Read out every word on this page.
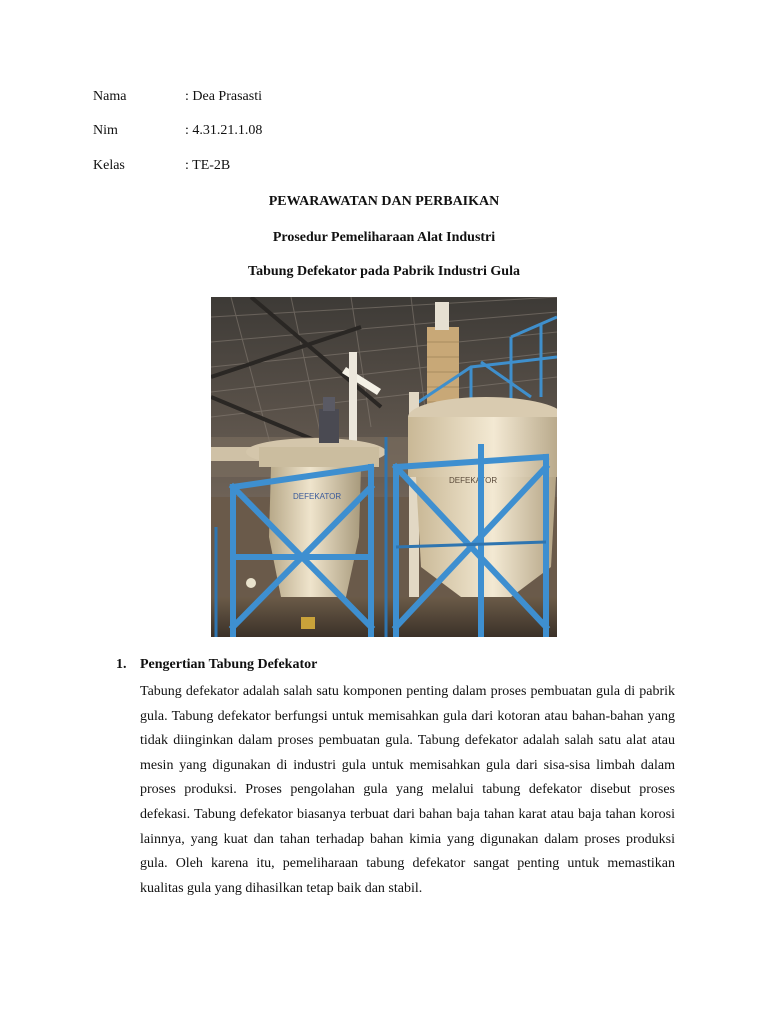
Nama	: Dea Prasasti
Nim	: 4.31.21.1.08
Kelas	: TE-2B
PEWARAWATAN DAN PERBAIKAN
Prosedur Pemeliharaan Alat Industri
Tabung Defekator pada Pabrik Industri Gula
DEFEKATOR
DEFEKATOR
1. Pengertian Tabung Defekator

Tabung defekator adalah salah satu komponen penting dalam proses pembuatan gula di pabrik gula. Tabung defekator berfungsi untuk memisahkan gula dari kotoran atau bahan-bahan yang tidak diinginkan dalam proses pembuatan gula. Tabung defekator adalah salah satu alat atau mesin yang digunakan di industri gula untuk memisahkan gula dari sisa-sisa limbah dalam proses produksi. Proses pengolahan gula yang melalui tabung defekator disebut proses defekasi. Tabung defekator biasanya terbuat dari bahan baja tahan karat atau baja tahan korosi lainnya, yang kuat dan tahan terhadap bahan kimia yang digunakan dalam proses produksi gula. Oleh karena itu, pemeliharaan tabung defekator sangat penting untuk memastikan kualitas gula yang dihasilkan tetap baik dan stabil.
